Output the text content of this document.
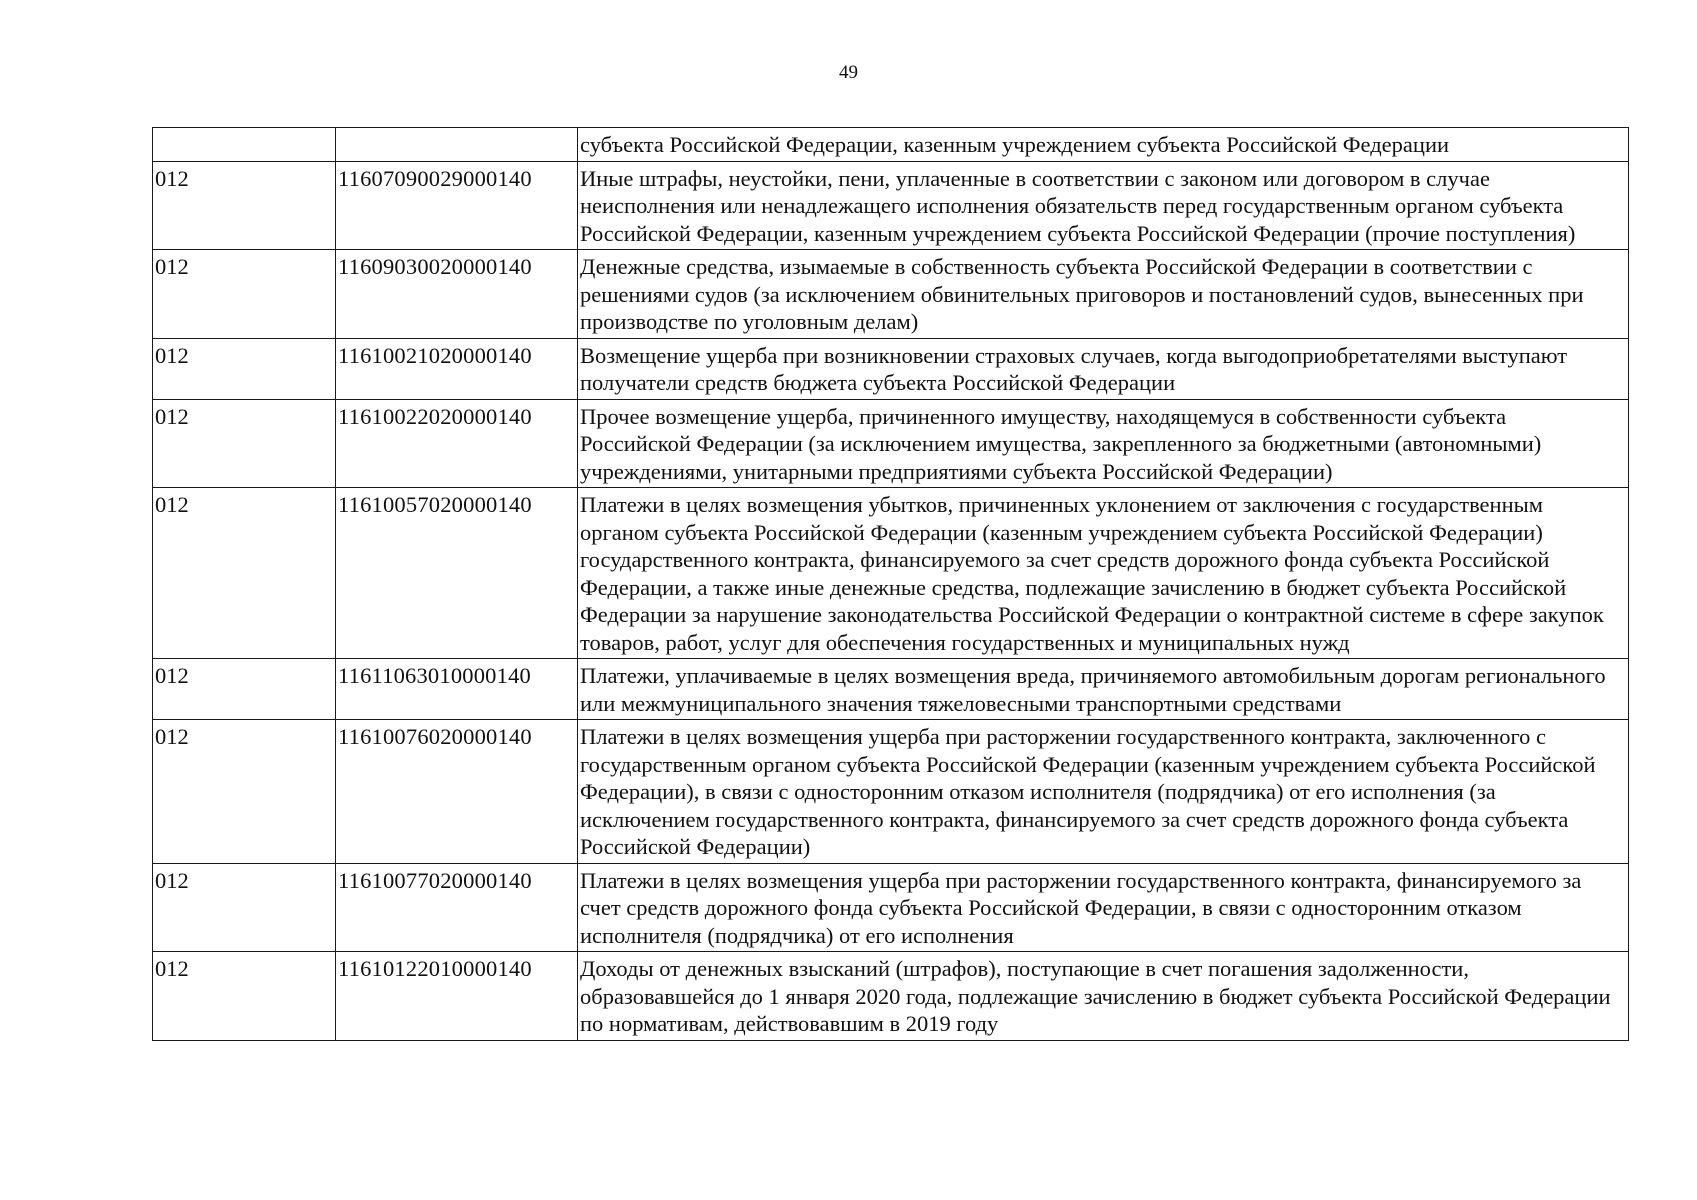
49
		субъекта Российской Федерации, казенным учреждением субъекта Российской Федерации
012	11607090029000140	Иные штрафы, неустойки, пени, уплаченные в соответствии с законом или договором в случае неисполнения или ненадлежащего исполнения обязательств перед государственным органом субъекта Российской Федерации, казенным учреждением субъекта Российской Федерации (прочие поступления)
012	11609030020000140	Денежные средства, изымаемые в собственность субъекта Российской Федерации в соответствии с решениями судов (за исключением обвинительных приговоров и постановлений судов, вынесенных при производстве по уголовным делам)
012	11610021020000140	Возмещение ущерба при возникновении страховых случаев, когда выгодоприобретателями выступают получатели средств бюджета субъекта Российской Федерации
012	11610022020000140	Прочее возмещение ущерба, причиненного имуществу, находящемуся в собственности субъекта Российской Федерации (за исключением имущества, закрепленного за бюджетными (автономными) учреждениями, унитарными предприятиями субъекта Российской Федерации)
012	11610057020000140	Платежи в целях возмещения убытков, причиненных уклонением от заключения с государственным органом субъекта Российской Федерации (казенным учреждением субъекта Российской Федерации) государственного контракта, финансируемого за счет средств дорожного фонда субъекта Российской Федерации, а также иные денежные средства, подлежащие зачислению в бюджет субъекта Российской Федерации за нарушение законодательства Российской Федерации о контрактной системе в сфере закупок товаров, работ, услуг для обеспечения государственных и муниципальных нужд
012	11611063010000140	Платежи, уплачиваемые в целях возмещения вреда, причиняемого автомобильным дорогам регионального или межмуниципального значения тяжеловесными транспортными средствами
012	11610076020000140	Платежи в целях возмещения ущерба при расторжении государственного контракта, заключенного с государственным органом субъекта Российской Федерации (казенным учреждением субъекта Российской Федерации), в связи с односторонним отказом исполнителя (подрядчика) от его исполнения (за исключением государственного контракта, финансируемого за счет средств дорожного фонда субъекта Российской Федерации)
012	11610077020000140	Платежи в целях возмещения ущерба при расторжении государственного контракта, финансируемого за счет средств дорожного фонда субъекта Российской Федерации, в связи с односторонним отказом исполнителя (подрядчика) от его исполнения
012	11610122010000140	Доходы от денежных взысканий (штрафов), поступающие в счет погашения задолженности, образовавшейся до 1 января 2020 года, подлежащие зачислению в бюджет субъекта Российской Федерации по нормативам, действовавшим в 2019 году
